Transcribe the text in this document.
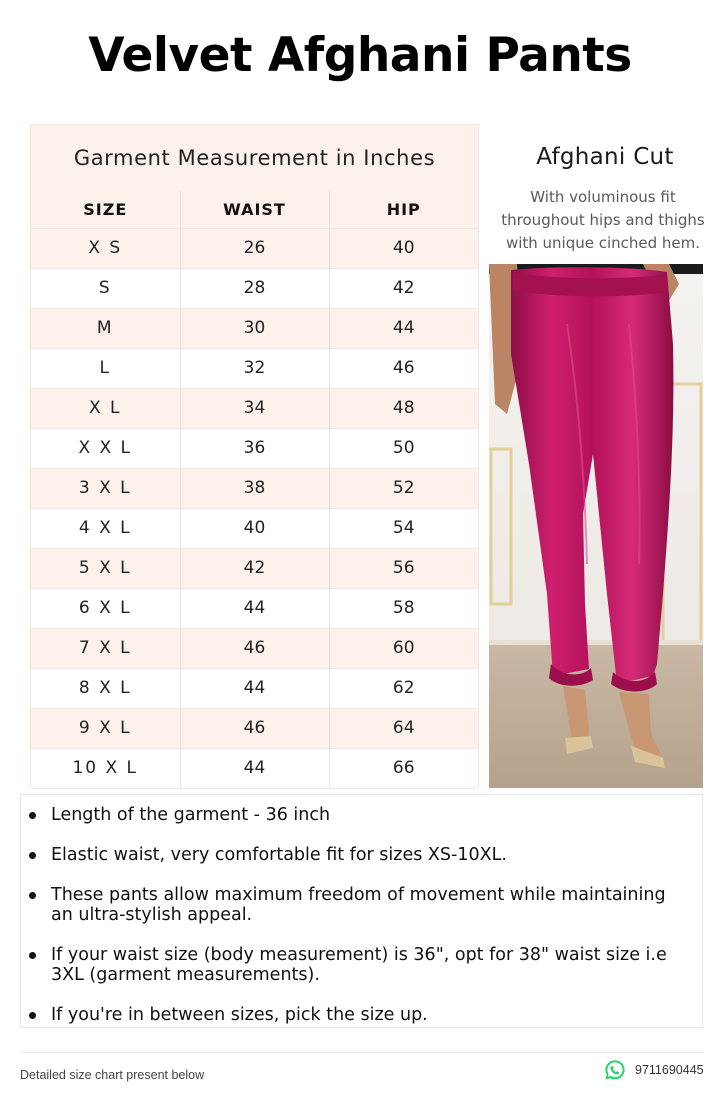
Velvet Afghani Pants
Garment Measurement in Inches
SIZE	WAIST	HIP
X S	26	40
S	28	42
M	30	44
L	32	46
X L	34	48
X X L	36	50
3 X L	38	52
4 X L	40	54
5 X L	42	56
6 X L	44	58
7 X L	46	60
8 X L	44	62
9 X L	46	64
10 X L	44	66
Afghani Cut
With voluminous fit throughout hips and thighs with unique cinched hem.
Length of the garment - 36 inch
Elastic waist, very comfortable fit for sizes XS-10XL.
These pants allow maximum freedom of movement while maintaining an ultra-stylish appeal.
If your waist size (body measurement) is 36", opt for 38" waist size i.e 3XL (garment measurements).
If you're in between sizes, pick the size up.
Detailed size chart present below	9711690445
